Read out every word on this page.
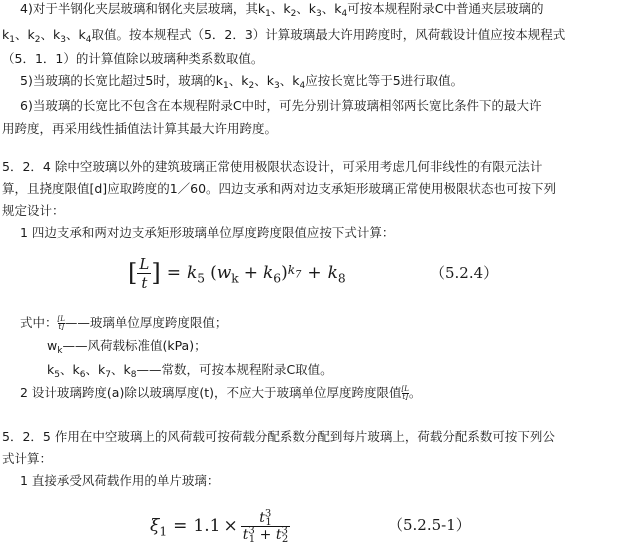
4)对于半钢化夹层玻璃和钢化夹层玻璃，其$k_1$、$k_2$、$k_3$、$k_4$可按本规程附录C中普通夹层玻璃的
$k_1$、$k_2$、$k_3$、$k_4$取值。按本规程式（5．2．3）计算玻璃最大许用跨度时，风荷载设计值应按本规程式
（5．1．1）的计算值除以玻璃种类系数取值。
5)当玻璃的长宽比超过5时，玻璃的$k_1$、$k_2$、$k_3$、$k_4$应按长宽比等于5进行取值。
6)当玻璃的长宽比不包含在本规程附录C中时，可先分别计算玻璃相邻两长宽比条件下的最大许
用跨度，再采用线性插值法计算其最大许用跨度。
5．2．4 除中空玻璃以外的建筑玻璃正常使用极限状态设计，可采用考虑几何非线性的有限元法计
算，且挠度限值[d]应取跨度的1／60。四边支承和两对边支承矩形玻璃正常使用极限状态也可按下列
规定设计：
1 四边支承和两对边支承矩形玻璃单位厚度跨度限值应按下式计算：
[ $\frac{L}{t}$ ] = $k_5$ ( $w_k + k_6$ ) $k_7 + k_8$	（5.2.4）
式中： $\frac{[L}{t]}$ ——玻璃单位厚度跨度限值；
$w_k——$风荷载标准值(kPa)；
$k_5$、$k_6$、$k_7$、$k_8——$常数，可按本规程附录C取值。
2 设计玻璃跨度(a)除以玻璃厚度(t)，不应大于玻璃单位厚度跨度限值 $\frac{[L}{t]}$ 。
5．2．5 作用在中空玻璃上的风荷载可按荷载分配系数分配到每片玻璃上，荷载分配系数可按下列公
式计算：
1 直接承受风荷载作用的单片玻璃：
$\xi_1 = 1.1 \times \frac{t^3_1}{t^3_1 + t^3_2}$	（5.2.5-1）
